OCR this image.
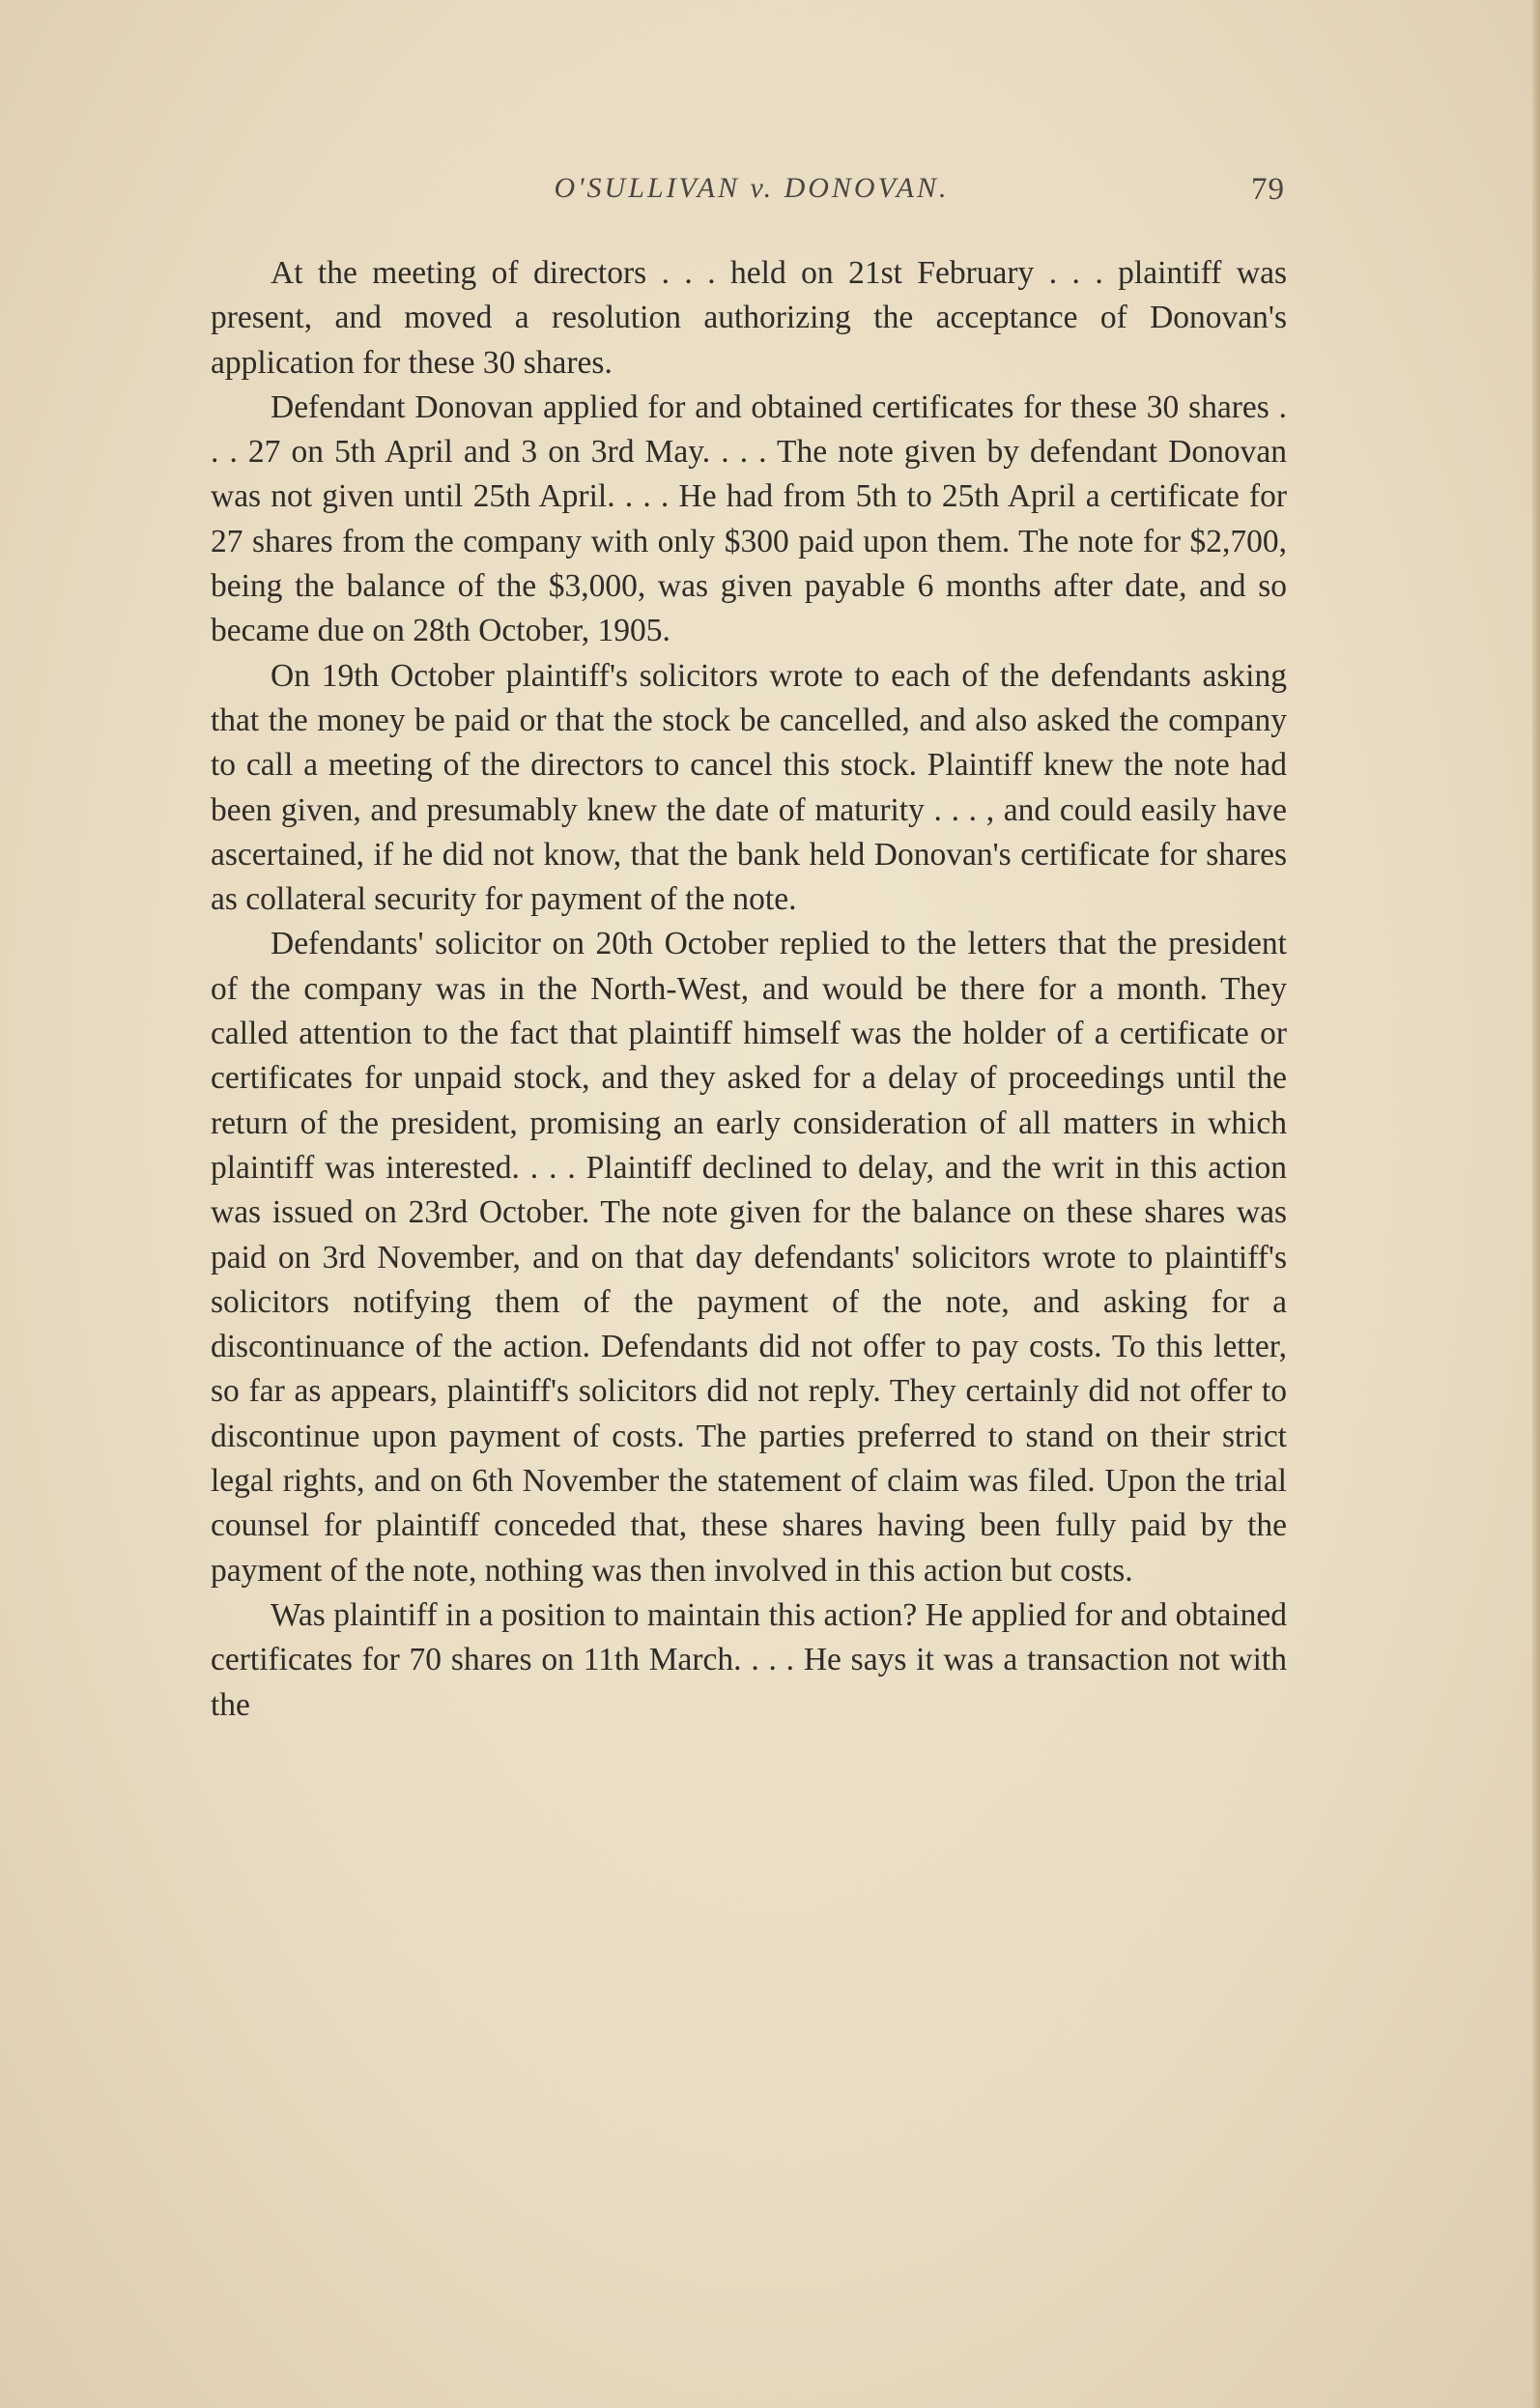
O'SULLIVAN v. DONOVAN.	79

At the meeting of directors . . . held on 21st February . . . plaintiff was present, and moved a resolution authorizing the acceptance of Donovan's application for these 30 shares.

Defendant Donovan applied for and obtained certificates for these 30 shares . . . 27 on 5th April and 3 on 3rd May. . . . The note given by defendant Donovan was not given until 25th April. . . . He had from 5th to 25th April a certificate for 27 shares from the company with only $300 paid upon them. The note for $2,700, being the balance of the $3,000, was given payable 6 months after date, and so became due on 28th October, 1905.

On 19th October plaintiff's solicitors wrote to each of the defendants asking that the money be paid or that the stock be cancelled, and also asked the company to call a meeting of the directors to cancel this stock. Plaintiff knew the note had been given, and presumably knew the date of maturity . . . , and could easily have ascertained, if he did not know, that the bank held Donovan's certificate for shares as collateral security for payment of the note.

Defendants' solicitor on 20th October replied to the letters that the president of the company was in the North-West, and would be there for a month. They called attention to the fact that plaintiff himself was the holder of a certificate or certificates for unpaid stock, and they asked for a delay of proceedings until the return of the president, promising an early consideration of all matters in which plaintiff was interested. . . . Plaintiff declined to delay, and the writ in this action was issued on 23rd October. The note given for the balance on these shares was paid on 3rd November, and on that day defendants' solicitors wrote to plaintiff's solicitors notifying them of the payment of the note, and asking for a discontinuance of the action. Defendants did not offer to pay costs. To this letter, so far as appears, plaintiff's solicitors did not reply. They certainly did not offer to discontinue upon payment of costs. The parties preferred to stand on their strict legal rights, and on 6th November the statement of claim was filed. Upon the trial counsel for plaintiff conceded that, these shares having been fully paid by the payment of the note, nothing was then involved in this action but costs.

Was plaintiff in a position to maintain this action? He applied for and obtained certificates for 70 shares on 11th March. . . . He says it was a transaction not with the
